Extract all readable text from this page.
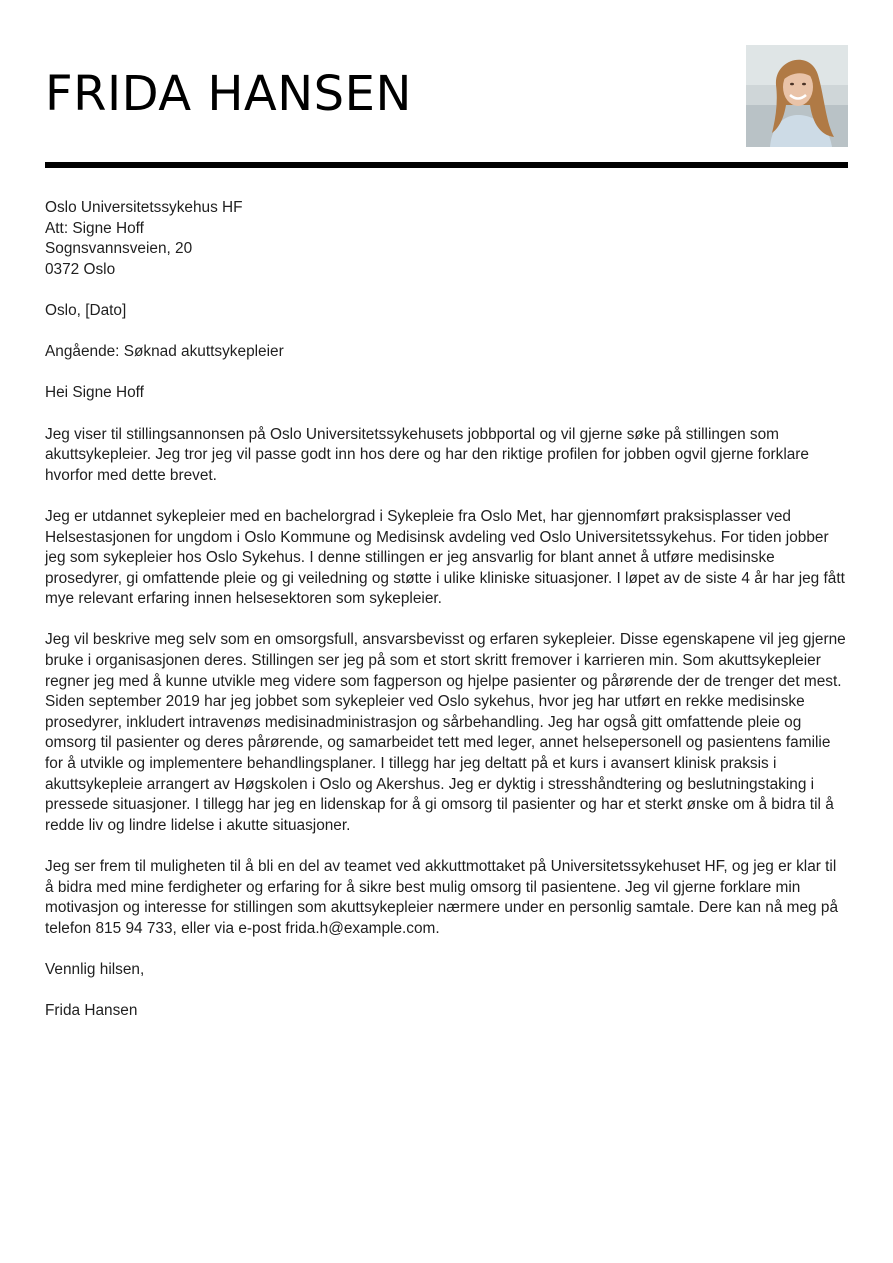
FRIDA HANSEN

Oslo Universitetssykehus HF
Att: Signe Hoff
Sognsvannsveien, 20
0372 Oslo

Oslo, [Dato]

Angående: Søknad akuttsykepleier

Hei Signe Hoff

Jeg viser til stillingsannonsen på Oslo Universitetssykehusets jobbportal og vil gjerne søke på stillingen som akuttsykepleier. Jeg tror jeg vil passe godt inn hos dere og har den riktige profilen for jobben ogvil gjerne forklare hvorfor med dette brevet.

Jeg er utdannet sykepleier med en bachelorgrad i Sykepleie fra Oslo Met, har gjennomført praksisplasser ved Helsestasjonen for ungdom i Oslo Kommune og Medisinsk avdeling ved Oslo Universitetssykehus. For tiden jobber jeg som sykepleier hos Oslo Sykehus. I denne stillingen er jeg ansvarlig for blant annet å utføre medisinske prosedyrer, gi omfattende pleie og gi veiledning og støtte i ulike kliniske situasjoner. I løpet av de siste 4 år har jeg fått mye relevant erfaring innen helsesektoren som sykepleier.

Jeg vil beskrive meg selv som en omsorgsfull, ansvarsbevisst og erfaren sykepleier. Disse egenskapene vil jeg gjerne bruke i organisasjonen deres. Stillingen ser jeg på som et stort skritt fremover i karrieren min. Som akuttsykepleier regner jeg med å kunne utvikle meg videre som fagperson og hjelpe pasienter og pårørende der de trenger det mest. Siden september 2019 har jeg jobbet som sykepleier ved Oslo sykehus, hvor jeg har utført en rekke medisinske prosedyrer, inkludert intravenøs medisinadministrasjon og sårbehandling. Jeg har også gitt omfattende pleie og omsorg til pasienter og deres pårørende, og samarbeidet tett med leger, annet helsepersonell og pasientens familie for å utvikle og implementere behandlingsplaner. I tillegg har jeg deltatt på et kurs i avansert klinisk praksis i akuttsykepleie arrangert av Høgskolen i Oslo og Akershus. Jeg er dyktig i stresshåndtering og beslutningstaking i pressede situasjoner. I tillegg har jeg en lidenskap for å gi omsorg til pasienter og har et sterkt ønske om å bidra til å redde liv og lindre lidelse i akutte situasjoner.

Jeg ser frem til muligheten til å bli en del av teamet ved akkuttmottaket på Universitetssykehuset HF, og jeg er klar til å bidra med mine ferdigheter og erfaring for å sikre best mulig omsorg til pasientene. Jeg vil gjerne forklare min motivasjon og interesse for stillingen som akuttsykepleier nærmere under en personlig samtale. Dere kan nå meg på telefon 815 94 733, eller via e-post frida.h@example.com.

Vennlig hilsen,

Frida Hansen
